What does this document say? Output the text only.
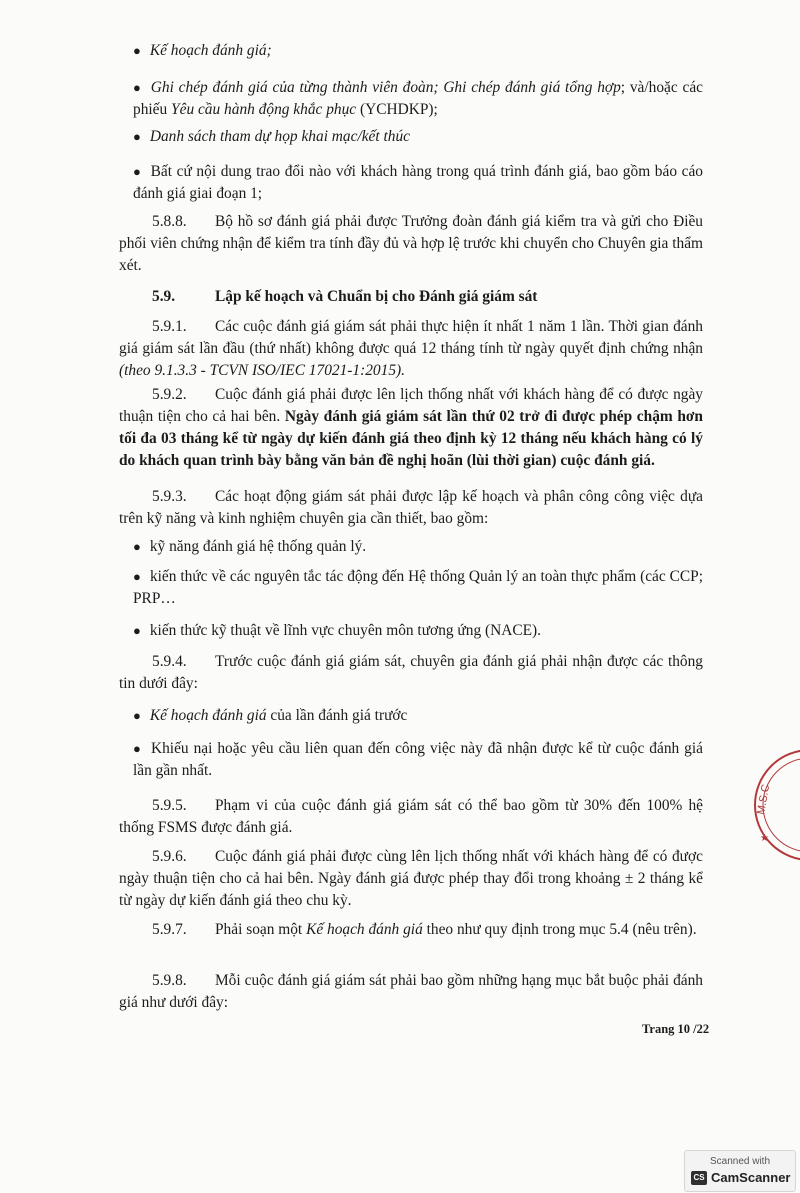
● Kế hoạch đánh giá;

● Ghi chép đánh giá của từng thành viên đoàn; Ghi chép đánh giá tổng hợp; và/hoặc các phiếu Yêu cầu hành động khắc phục (YCHDKP);

● Danh sách tham dự họp khai mạc/kết thúc

● Bất cứ nội dung trao đổi nào với khách hàng trong quá trình đánh giá, bao gồm báo cáo đánh giá giai đoạn 1;

5.8.8. Bộ hồ sơ đánh giá phải được Trưởng đoàn đánh giá kiểm tra và gửi cho Điều phối viên chứng nhận để kiểm tra tính đầy đủ và hợp lệ trước khi chuyển cho Chuyên gia thẩm xét.

5.9.	Lập kế hoạch và Chuẩn bị cho Đánh giá giám sát

5.9.1. Các cuộc đánh giá giám sát phải thực hiện ít nhất 1 năm 1 lần. Thời gian đánh giá giám sát lần đầu (thứ nhất) không được quá 12 tháng tính từ ngày quyết định chứng nhận (theo 9.1.3.3 - TCVN ISO/IEC 17021-1:2015).

5.9.2. Cuộc đánh giá phải được lên lịch thống nhất với khách hàng để có được ngày thuận tiện cho cả hai bên. Ngày đánh giá giám sát lần thứ 02 trở đi được phép chậm hơn tối đa 03 tháng kể từ ngày dự kiến đánh giá theo định kỳ 12 tháng nếu khách hàng có lý do khách quan trình bày bằng văn bản đề nghị hoãn (lùi thời gian) cuộc đánh giá.

5.9.3. Các hoạt động giám sát phải được lập kế hoạch và phân công công việc dựa trên kỹ năng và kinh nghiệm chuyên gia cần thiết, bao gồm:

● kỹ năng đánh giá hệ thống quản lý.

● kiến thức về các nguyên tắc tác động đến Hệ thống Quản lý an toàn thực phẩm (các CCP; PRP…

● kiến thức kỹ thuật về lĩnh vực chuyên môn tương ứng (NACE).

5.9.4. Trước cuộc đánh giá giám sát, chuyên gia đánh giá phải nhận được các thông tin dưới đây:

● Kế hoạch đánh giá của lần đánh giá trước

● Khiếu nại hoặc yêu cầu liên quan đến công việc này đã nhận được kể từ cuộc đánh giá lần gần nhất.

5.9.5. Phạm vi của cuộc đánh giá giám sát có thể bao gồm từ 30% đến 100% hệ thống FSMS được đánh giá.

5.9.6. Cuộc đánh giá phải được cùng lên lịch thống nhất với khách hàng để có được ngày thuận tiện cho cả hai bên. Ngày đánh giá được phép thay đổi trong khoảng ± 2 tháng kể từ ngày dự kiến đánh giá theo chu kỳ.

5.9.7. Phải soạn một Kế hoạch đánh giá theo như quy định trong mục 5.4 (nêu trên).

5.9.8. Mỗi cuộc đánh giá giám sát phải bao gồm những hạng mục bắt buộc phải đánh giá như dưới đây:

Trang 10 /22
M.S.C
★
Scanned with
CS CamScanner
